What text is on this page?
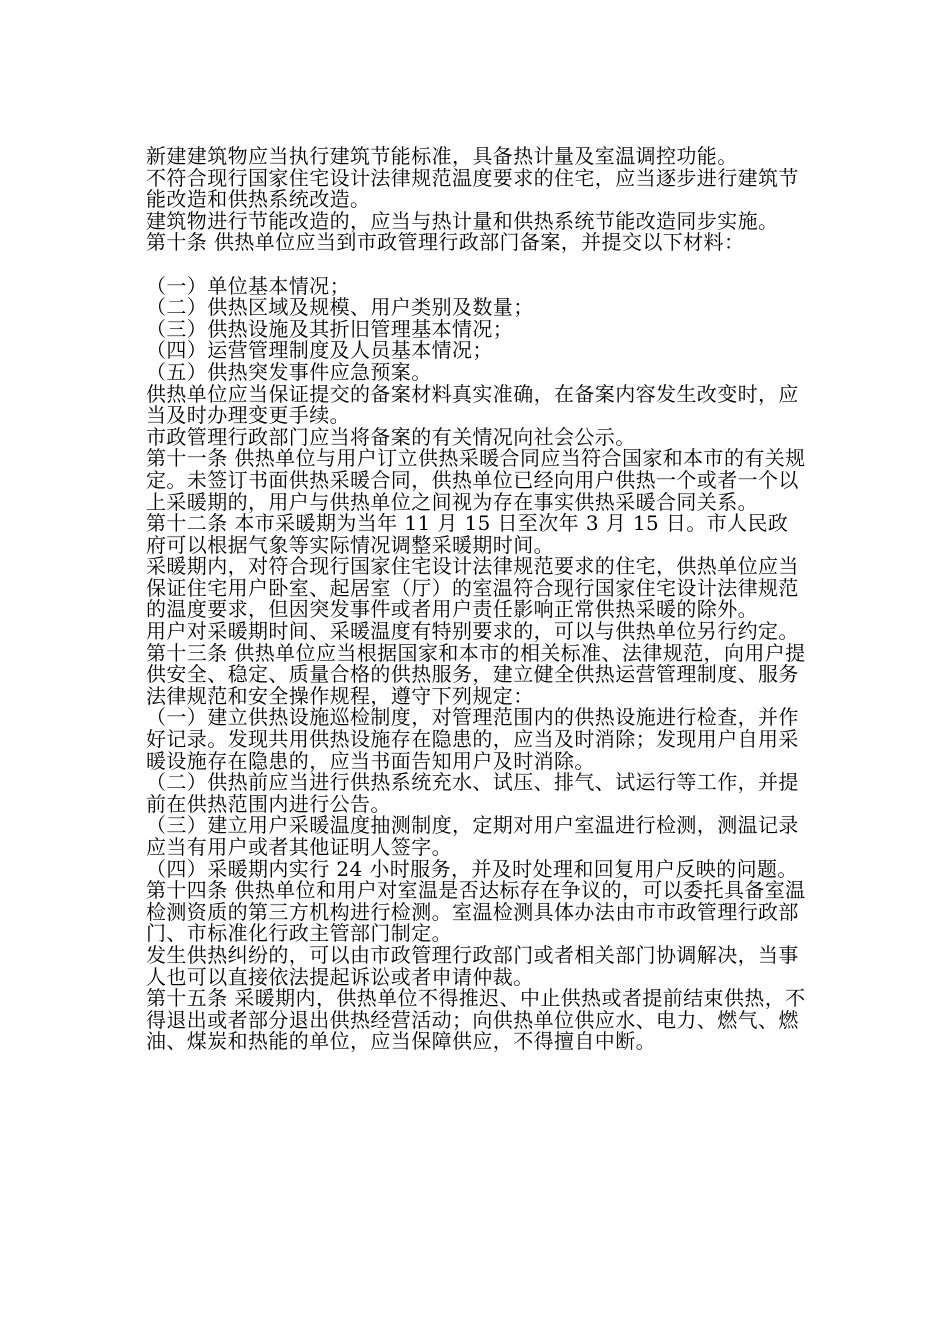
新建建筑物应当执行建筑节能标准，具备热计量及室温调控功能。

不符合现行国家住宅设计法律规范温度要求的住宅，应当逐步进行建筑节能改造和供热系统改造。

建筑物进行节能改造的，应当与热计量和供热系统节能改造同步实施。

第十条 供热单位应当到市政管理行政部门备案，并提交以下材料：

（一）单位基本情况；

（二）供热区域及规模、用户类别及数量；

（三）供热设施及其折旧管理基本情况；

（四）运营管理制度及人员基本情况；

（五）供热突发事件应急预案。

供热单位应当保证提交的备案材料真实准确，在备案内容发生改变时，应当及时办理变更手续。

市政管理行政部门应当将备案的有关情况向社会公示。

第十一条 供热单位与用户订立供热采暖合同应当符合国家和本市的有关规定。未签订书面供热采暖合同，供热单位已经向用户供热一个或者一个以上采暖期的，用户与供热单位之间视为存在事实供热采暖合同关系。

第十二条 本市采暖期为当年 11 月 15 日至次年 3 月 15 日。市人民政府可以根据气象等实际情况调整采暖期时间。

采暖期内，对符合现行国家住宅设计法律规范要求的住宅，供热单位应当保证住宅用户卧室、起居室（厅）的室温符合现行国家住宅设计法律规范的温度要求，但因突发事件或者用户责任影响正常供热采暖的除外。

用户对采暖期时间、采暖温度有特别要求的，可以与供热单位另行约定。

第十三条 供热单位应当根据国家和本市的相关标准、法律规范，向用户提供安全、稳定、质量合格的供热服务，建立健全供热运营管理制度、服务法律规范和安全操作规程，遵守下列规定：

（一）建立供热设施巡检制度，对管理范围内的供热设施进行检查，并作好记录。发现共用供热设施存在隐患的，应当及时消除；发现用户自用采暖设施存在隐患的，应当书面告知用户及时消除。

（二）供热前应当进行供热系统充水、试压、排气、试运行等工作，并提前在供热范围内进行公告。

（三）建立用户采暖温度抽测制度，定期对用户室温进行检测，测温记录应当有用户或者其他证明人签字。

（四）采暖期内实行 24 小时服务，并及时处理和回复用户反映的问题。

第十四条 供热单位和用户对室温是否达标存在争议的，可以委托具备室温检测资质的第三方机构进行检测。室温检测具体办法由市市政管理行政部门、市标准化行政主管部门制定。

发生供热纠纷的，可以由市政管理行政部门或者相关部门协调解决，当事人也可以直接依法提起诉讼或者申请仲裁。

第十五条 采暖期内，供热单位不得推迟、中止供热或者提前结束供热，不得退出或者部分退出供热经营活动；向供热单位供应水、电力、燃气、燃油、煤炭和热能的单位，应当保障供应，不得擅自中断。
